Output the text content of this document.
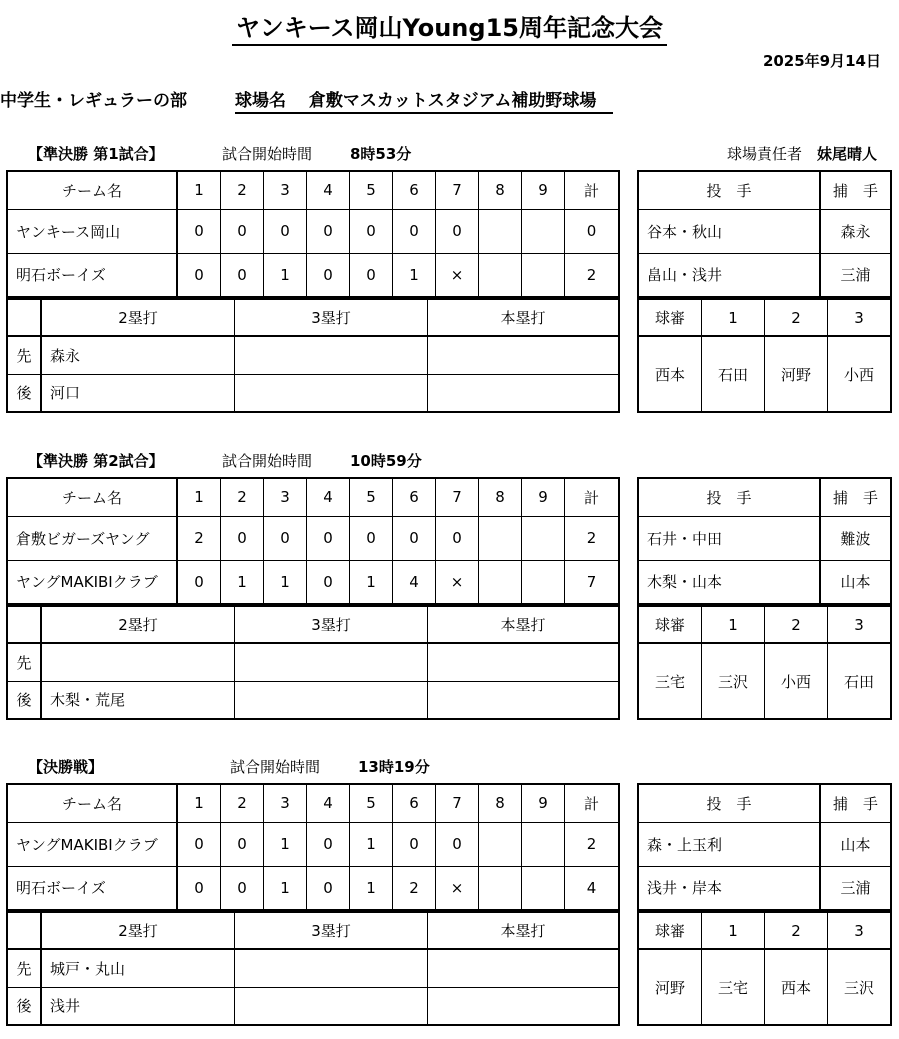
ヤンキース岡山Young15周年記念大会
2025年9月14日
中学生・レギュラーの部	球場名　 倉敷マスカットスタジアム補助野球場　
球場責任者　 妹尾晴人
【準決勝 第1試合】	試合開始時間	8時53分
チーム名	1	2	3	4	5	6	7	8	9	計
ヤンキース岡山	0	0	0	0	0	0	0			0
明石ボーイズ	0	0	1	0	0	1	×			2
	2塁打	3塁打	本塁打
先	森永		
後	河口		
投　手	捕　手
谷本・秋山	森永
畠山・浅井	三浦
球審	1	2	3
西本	石田	河野	小西
【準決勝 第2試合】	試合開始時間	10時59分
チーム名	1	2	3	4	5	6	7	8	9	計
倉敷ビガーズヤング	2	0	0	0	0	0	0			2
ヤングMAKIBIクラブ	0	1	1	0	1	4	×			7
	2塁打	3塁打	本塁打
先			
後	木梨・荒尾		
投　手	捕　手
石井・中田	難波
木梨・山本	山本
球審	1	2	3
三宅	三沢	小西	石田
【決勝戦】	試合開始時間	13時19分
チーム名	1	2	3	4	5	6	7	8	9	計
ヤングMAKIBIクラブ	0	0	1	0	1	0	0			2
明石ボーイズ	0	0	1	0	1	2	×			4
	2塁打	3塁打	本塁打
先	城戸・丸山		
後	浅井		
投　手	捕　手
森・上玉利	山本
浅井・岸本	三浦
球審	1	2	3
河野	三宅	西本	三沢
